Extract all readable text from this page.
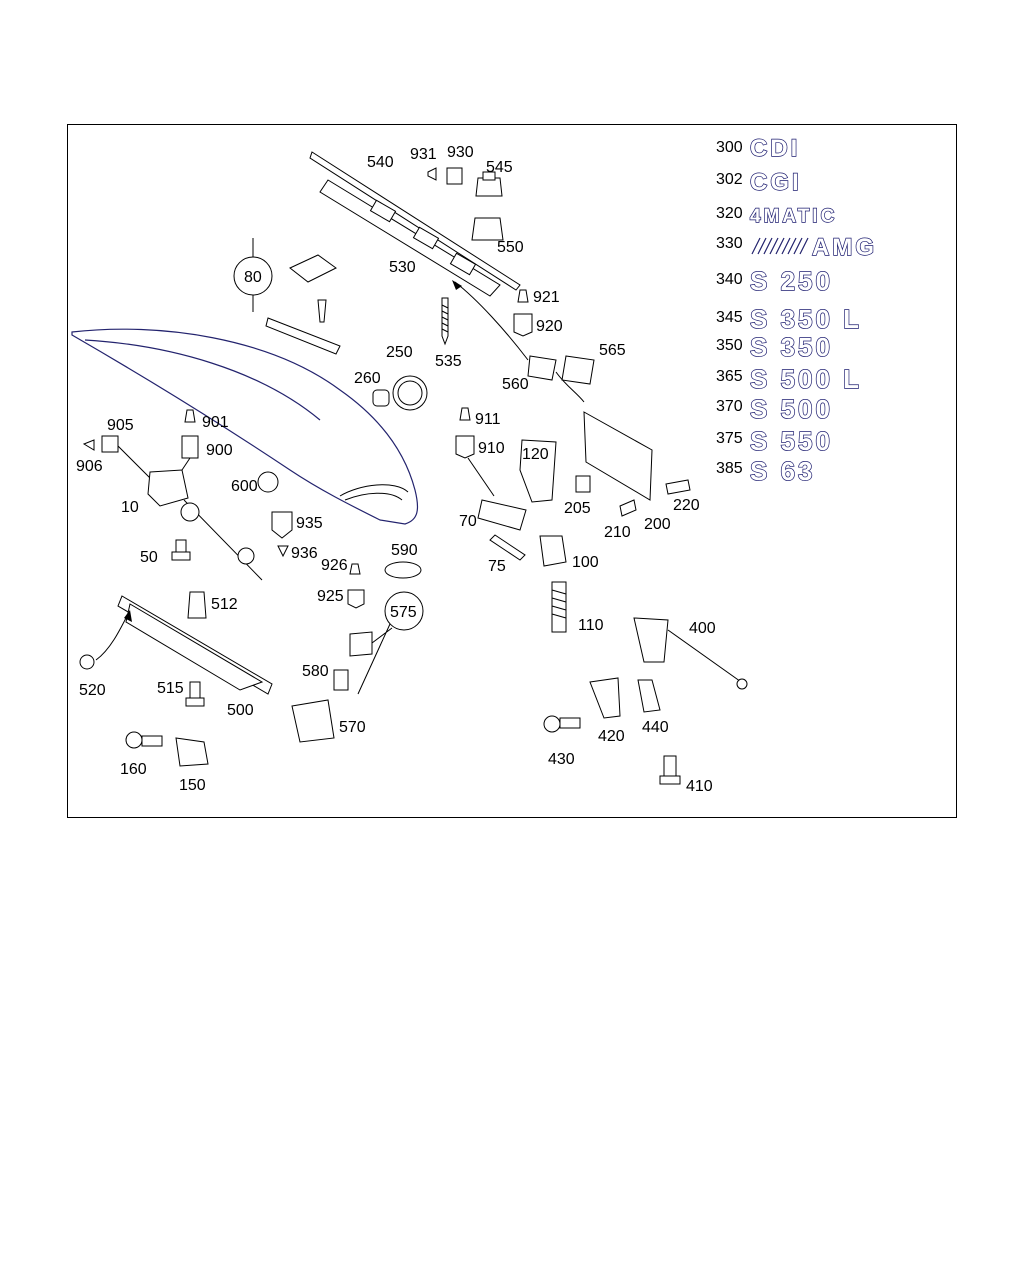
540 931 930
545
550
530
80
921
920
535
250	565
260	560
905	901	911
120
906
900	910
10
600
205	220
70
935
210 200
50	936	590
100
75
926
925
575
512
110	400
580
520	515
500
570	440
420
430
160
150	410
300 CDI
302 CGI
320 4MATIC
330	AMG
340 S 250
345 S 350 L
350 S 350
365 S 500 L
370 S 500
375 S 550
385 S 63
